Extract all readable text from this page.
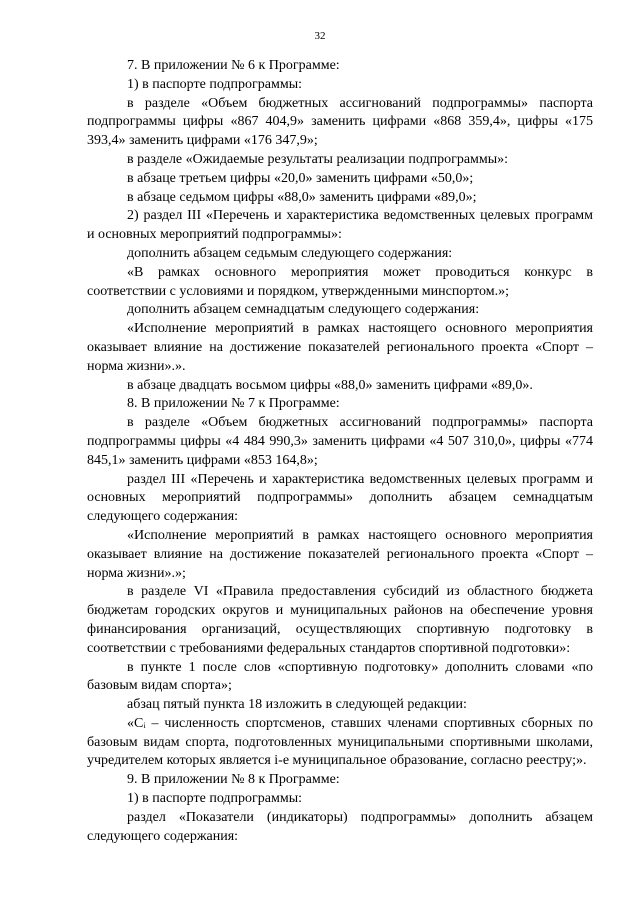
32

7. В приложении № 6 к Программе:

1) в паспорте подпрограммы:

в разделе «Объем бюджетных ассигнований подпрограммы» паспорта подпрограммы цифры «867 404,9» заменить цифрами «868 359,4», цифры «175 393,4» заменить цифрами «176 347,9»;

в разделе «Ожидаемые результаты реализации подпрограммы»:

в абзаце третьем цифры «20,0» заменить цифрами «50,0»;

в абзаце седьмом цифры «88,0» заменить цифрами «89,0»;

2) раздел III «Перечень и характеристика ведомственных целевых программ и основных мероприятий подпрограммы»:

дополнить абзацем седьмым следующего содержания:

«В рамках основного мероприятия может проводиться конкурс в соответствии с условиями и порядком, утвержденными минспортом.»;

дополнить абзацем семнадцатым следующего содержания:

«Исполнение мероприятий в рамках настоящего основного мероприятия оказывает влияние на достижение показателей регионального проекта «Спорт – норма жизни».».

в абзаце двадцать восьмом цифры «88,0» заменить цифрами «89,0».

8. В приложении № 7 к Программе:

в разделе «Объем бюджетных ассигнований подпрограммы» паспорта подпрограммы цифры «4 484 990,3» заменить цифрами «4 507 310,0», цифры «774 845,1» заменить цифрами «853 164,8»;

раздел III «Перечень и характеристика ведомственных целевых программ и основных мероприятий подпрограммы» дополнить абзацем семнадцатым следующего содержания:

«Исполнение мероприятий в рамках настоящего основного мероприятия оказывает влияние на достижение показателей регионального проекта «Спорт – норма жизни».»;

в разделе VI «Правила предоставления субсидий из областного бюджета бюджетам городских округов и муниципальных районов на обеспечение уровня финансирования организаций, осуществляющих спортивную подготовку в соответствии с требованиями федеральных стандартов спортивной подготовки»:

в пункте 1 после слов «спортивную подготовку» дополнить словами «по базовым видам спорта»;

абзац пятый пункта 18 изложить в следующей редакции:

«Cᵢ – численность спортсменов, ставших членами спортивных сборных по базовым видам спорта, подготовленных муниципальными спортивными школами, учредителем которых является i-е муниципальное образование, согласно реестру;».

9. В приложении № 8 к Программе:

1) в паспорте подпрограммы:

раздел «Показатели (индикаторы) подпрограммы» дополнить абзацем следующего содержания:
